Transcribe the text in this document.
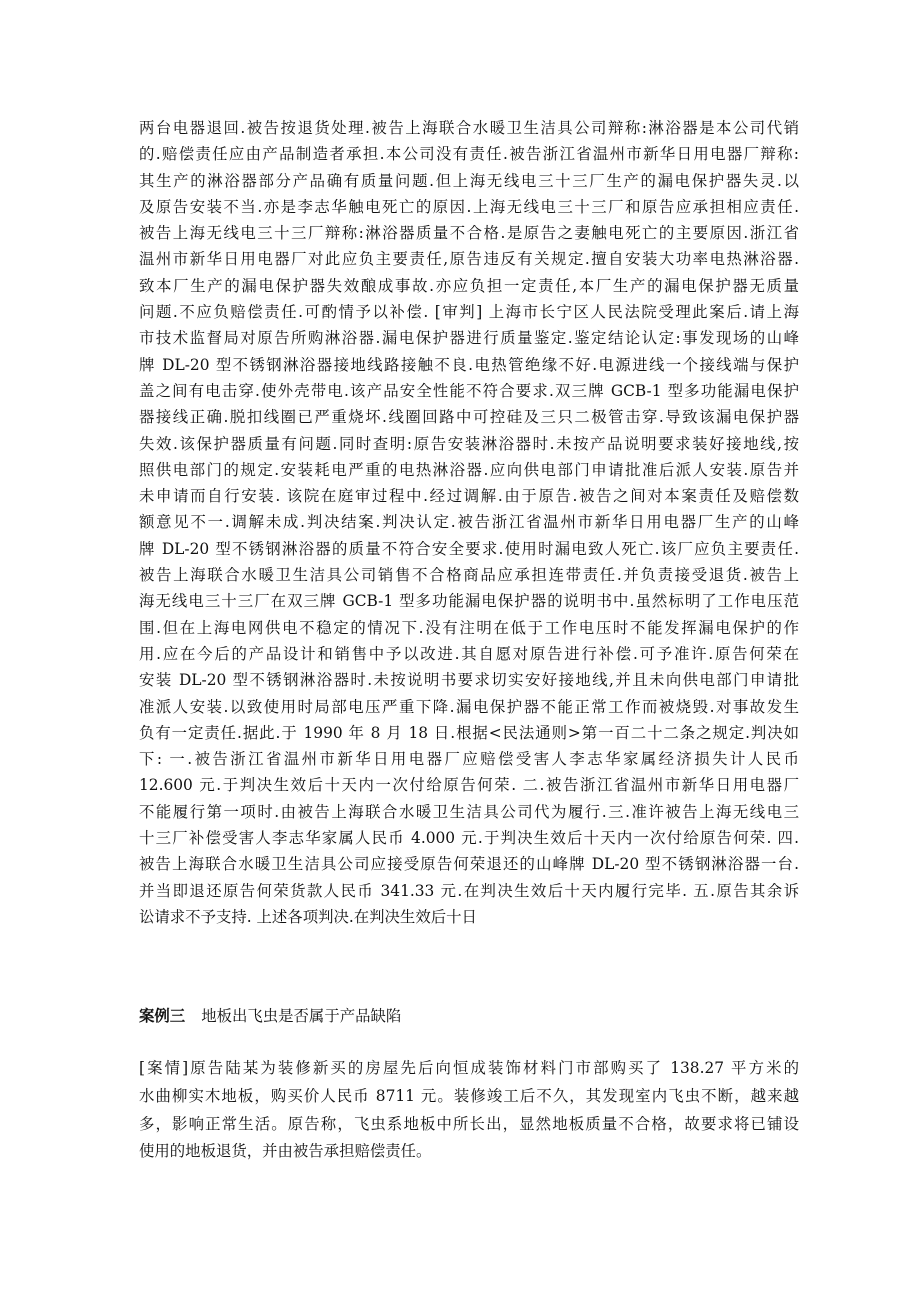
两台电器退回.被告按退货处理.被告上海联合水暖卫生洁具公司辩称:淋浴器是本公司代销
的.赔偿责任应由产品制造者承担.本公司没有责任.被告浙江省温州市新华日用电器厂辩称:
其生产的淋浴器部分产品确有质量问题.但上海无线电三十三厂生产的漏电保护器失灵.以
及原告安装不当.亦是李志华触电死亡的原因.上海无线电三十三厂和原告应承担相应责任.
被告上海无线电三十三厂辩称:淋浴器质量不合格.是原告之妻触电死亡的主要原因.浙江省
温州市新华日用电器厂对此应负主要责任,原告违反有关规定.擅自安装大功率电热淋浴器.
致本厂生产的漏电保护器失效酿成事故.亦应负担一定责任,本厂生产的漏电保护器无质量
问题.不应负赔偿责任.可酌情予以补偿. [审判] 上海市长宁区人民法院受理此案后.请上海
市技术监督局对原告所购淋浴器.漏电保护器进行质量鉴定.鉴定结论认定:事发现场的山峰
牌 DL-20 型不锈钢淋浴器接地线路接触不良.电热管绝缘不好.电源进线一个接线端与保护
盖之间有电击穿.使外壳带电.该产品安全性能不符合要求.双三牌 GCB-1 型多功能漏电保护
器接线正确.脱扣线圈已严重烧坏.线圈回路中可控硅及三只二极管击穿.导致该漏电保护器
失效.该保护器质量有问题.同时查明:原告安装淋浴器时.未按产品说明要求装好接地线,按
照供电部门的规定.安装耗电严重的电热淋浴器.应向供电部门申请批准后派人安装.原告并
未申请而自行安装. 该院在庭审过程中.经过调解.由于原告.被告之间对本案责任及赔偿数
额意见不一.调解未成.判决结案.判决认定.被告浙江省温州市新华日用电器厂生产的山峰
牌 DL-20 型不锈钢淋浴器的质量不符合安全要求.使用时漏电致人死亡.该厂应负主要责任.
被告上海联合水暖卫生洁具公司销售不合格商品应承担连带责任.并负责接受退货.被告上
海无线电三十三厂在双三牌 GCB-1 型多功能漏电保护器的说明书中.虽然标明了工作电压范
围.但在上海电网供电不稳定的情况下.没有注明在低于工作电压时不能发挥漏电保护的作
用.应在今后的产品设计和销售中予以改进.其自愿对原告进行补偿.可予准许.原告何荣在
安装 DL-20 型不锈钢淋浴器时.未按说明书要求切实安好接地线,并且未向供电部门申请批
准派人安装.以致使用时局部电压严重下降.漏电保护器不能正常工作而被烧毁.对事故发生
负有一定责任.据此.于 1990 年 8 月 18 日.根据<民法通则>第一百二十二条之规定.判决如
下: 一.被告浙江省温州市新华日用电器厂应赔偿受害人李志华家属经济损失计人民币
12.600 元.于判决生效后十天内一次付给原告何荣. 二.被告浙江省温州市新华日用电器厂
不能履行第一项时.由被告上海联合水暖卫生洁具公司代为履行.三.准许被告上海无线电三
十三厂补偿受害人李志华家属人民币 4.000 元.于判决生效后十天内一次付给原告何荣. 四.
被告上海联合水暖卫生洁具公司应接受原告何荣退还的山峰牌 DL-20 型不锈钢淋浴器一台.
并当即退还原告何荣货款人民币 341.33 元.在判决生效后十天内履行完毕. 五.原告其余诉
讼请求不予支持. 上述各项判决.在判决生效后十日
案例三 地板出飞虫是否属于产品缺陷
[案情]原告陆某为装修新买的房屋先后向恒成装饰材料门市部购买了 138.27 平方米的
水曲柳实木地板，购买价人民币 8711 元。装修竣工后不久，其发现室内飞虫不断，越来越
多，影响正常生活。原告称，飞虫系地板中所长出，显然地板质量不合格，故要求将已铺设
使用的地板退货，并由被告承担赔偿责任。
